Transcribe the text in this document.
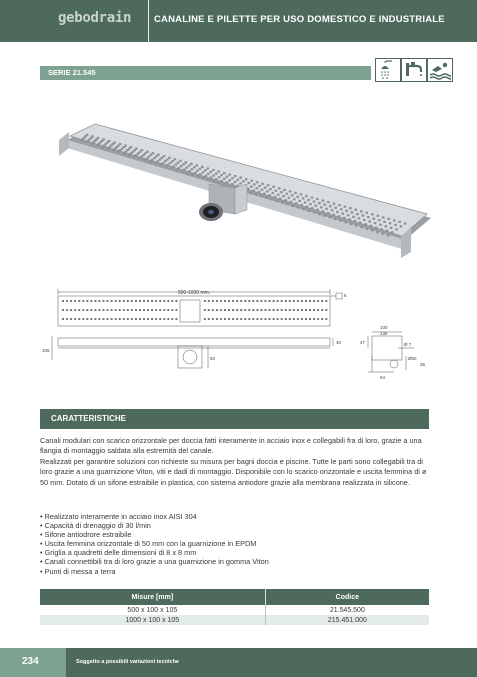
gebodrain CANALINE E PILETTE PER USO DOMESTICO E INDUSTRIALE
SERIE 21.545
500-1000 mm.	8
30
50
105
100
136
47	Ø 7
Ø50
35
64
CARATTERISTICHE

Canali modulari con scarico orizzontale per doccia fatti interamente in acciaio inox e collegabili fra di loro, grazie a una flangia di montaggio saldata alla estremità del canale.

Realizzati per garantire soluzioni con richieste su misura per bagni doccia e piscine. Tutte le parti sono collegabili tra di loro grazie a una guarnizione Viton, viti e dadi di montaggio. Disponibile con lo scarico orizzontale e uscita femmina di ø 50 mm. Dotato di un sifone estraibile in plastica, con sistema antiodore grazie alla membrana realizzata in silicone.

• Realizzato interamente in acciaio inox AISI 304
• Capacità di drenaggio di 30 l/min
• Sifone antiodrore estraibile
• Uscita femmina orizzontale di 50 mm con la guarnizione in EPDM
• Griglia a quadretti delle dimensioni di 8 x 8 mm
• Canali connettibili tra di loro grazie a una guarnizione in gomma Viton
• Punti di messa a terra
Misure [mm]	Codice
500 x 100 x 105	21.545.500
1000 x 100 x 105	215.451.000
234	Soggetto a possibili variazioni tecniche
